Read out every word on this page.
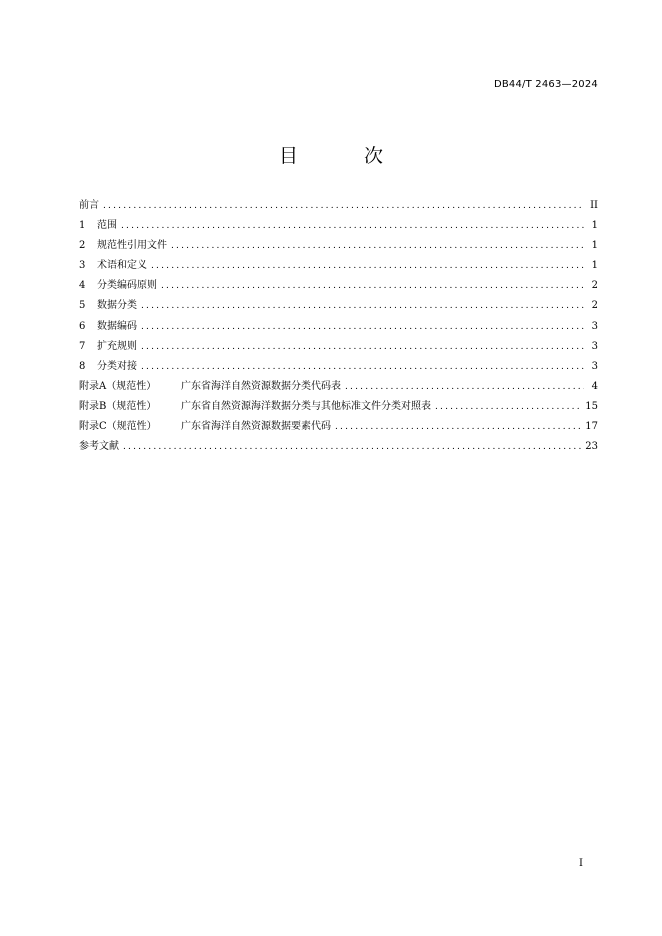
DB44/T 2463—2024
目 次
前言 .....	II
1	范围 .....	1
2	规范性引用文件 .....	1
3	术语和定义 .....	1
4	分类编码原则 .....	2
5	数据分类 .....	2
6	数据编码 .....	3
7	扩充规则 .....	3
8	分类对接 .....	3
附录A（规范性）	广东省海洋自然资源数据分类代码表 .....	4
附录B（规范性）	广东省自然资源海洋数据分类与其他标准文件分类对照表 .....	15
附录C（规范性）	广东省海洋自然资源数据要素代码 .....	17
参考文献 .....	23
I
